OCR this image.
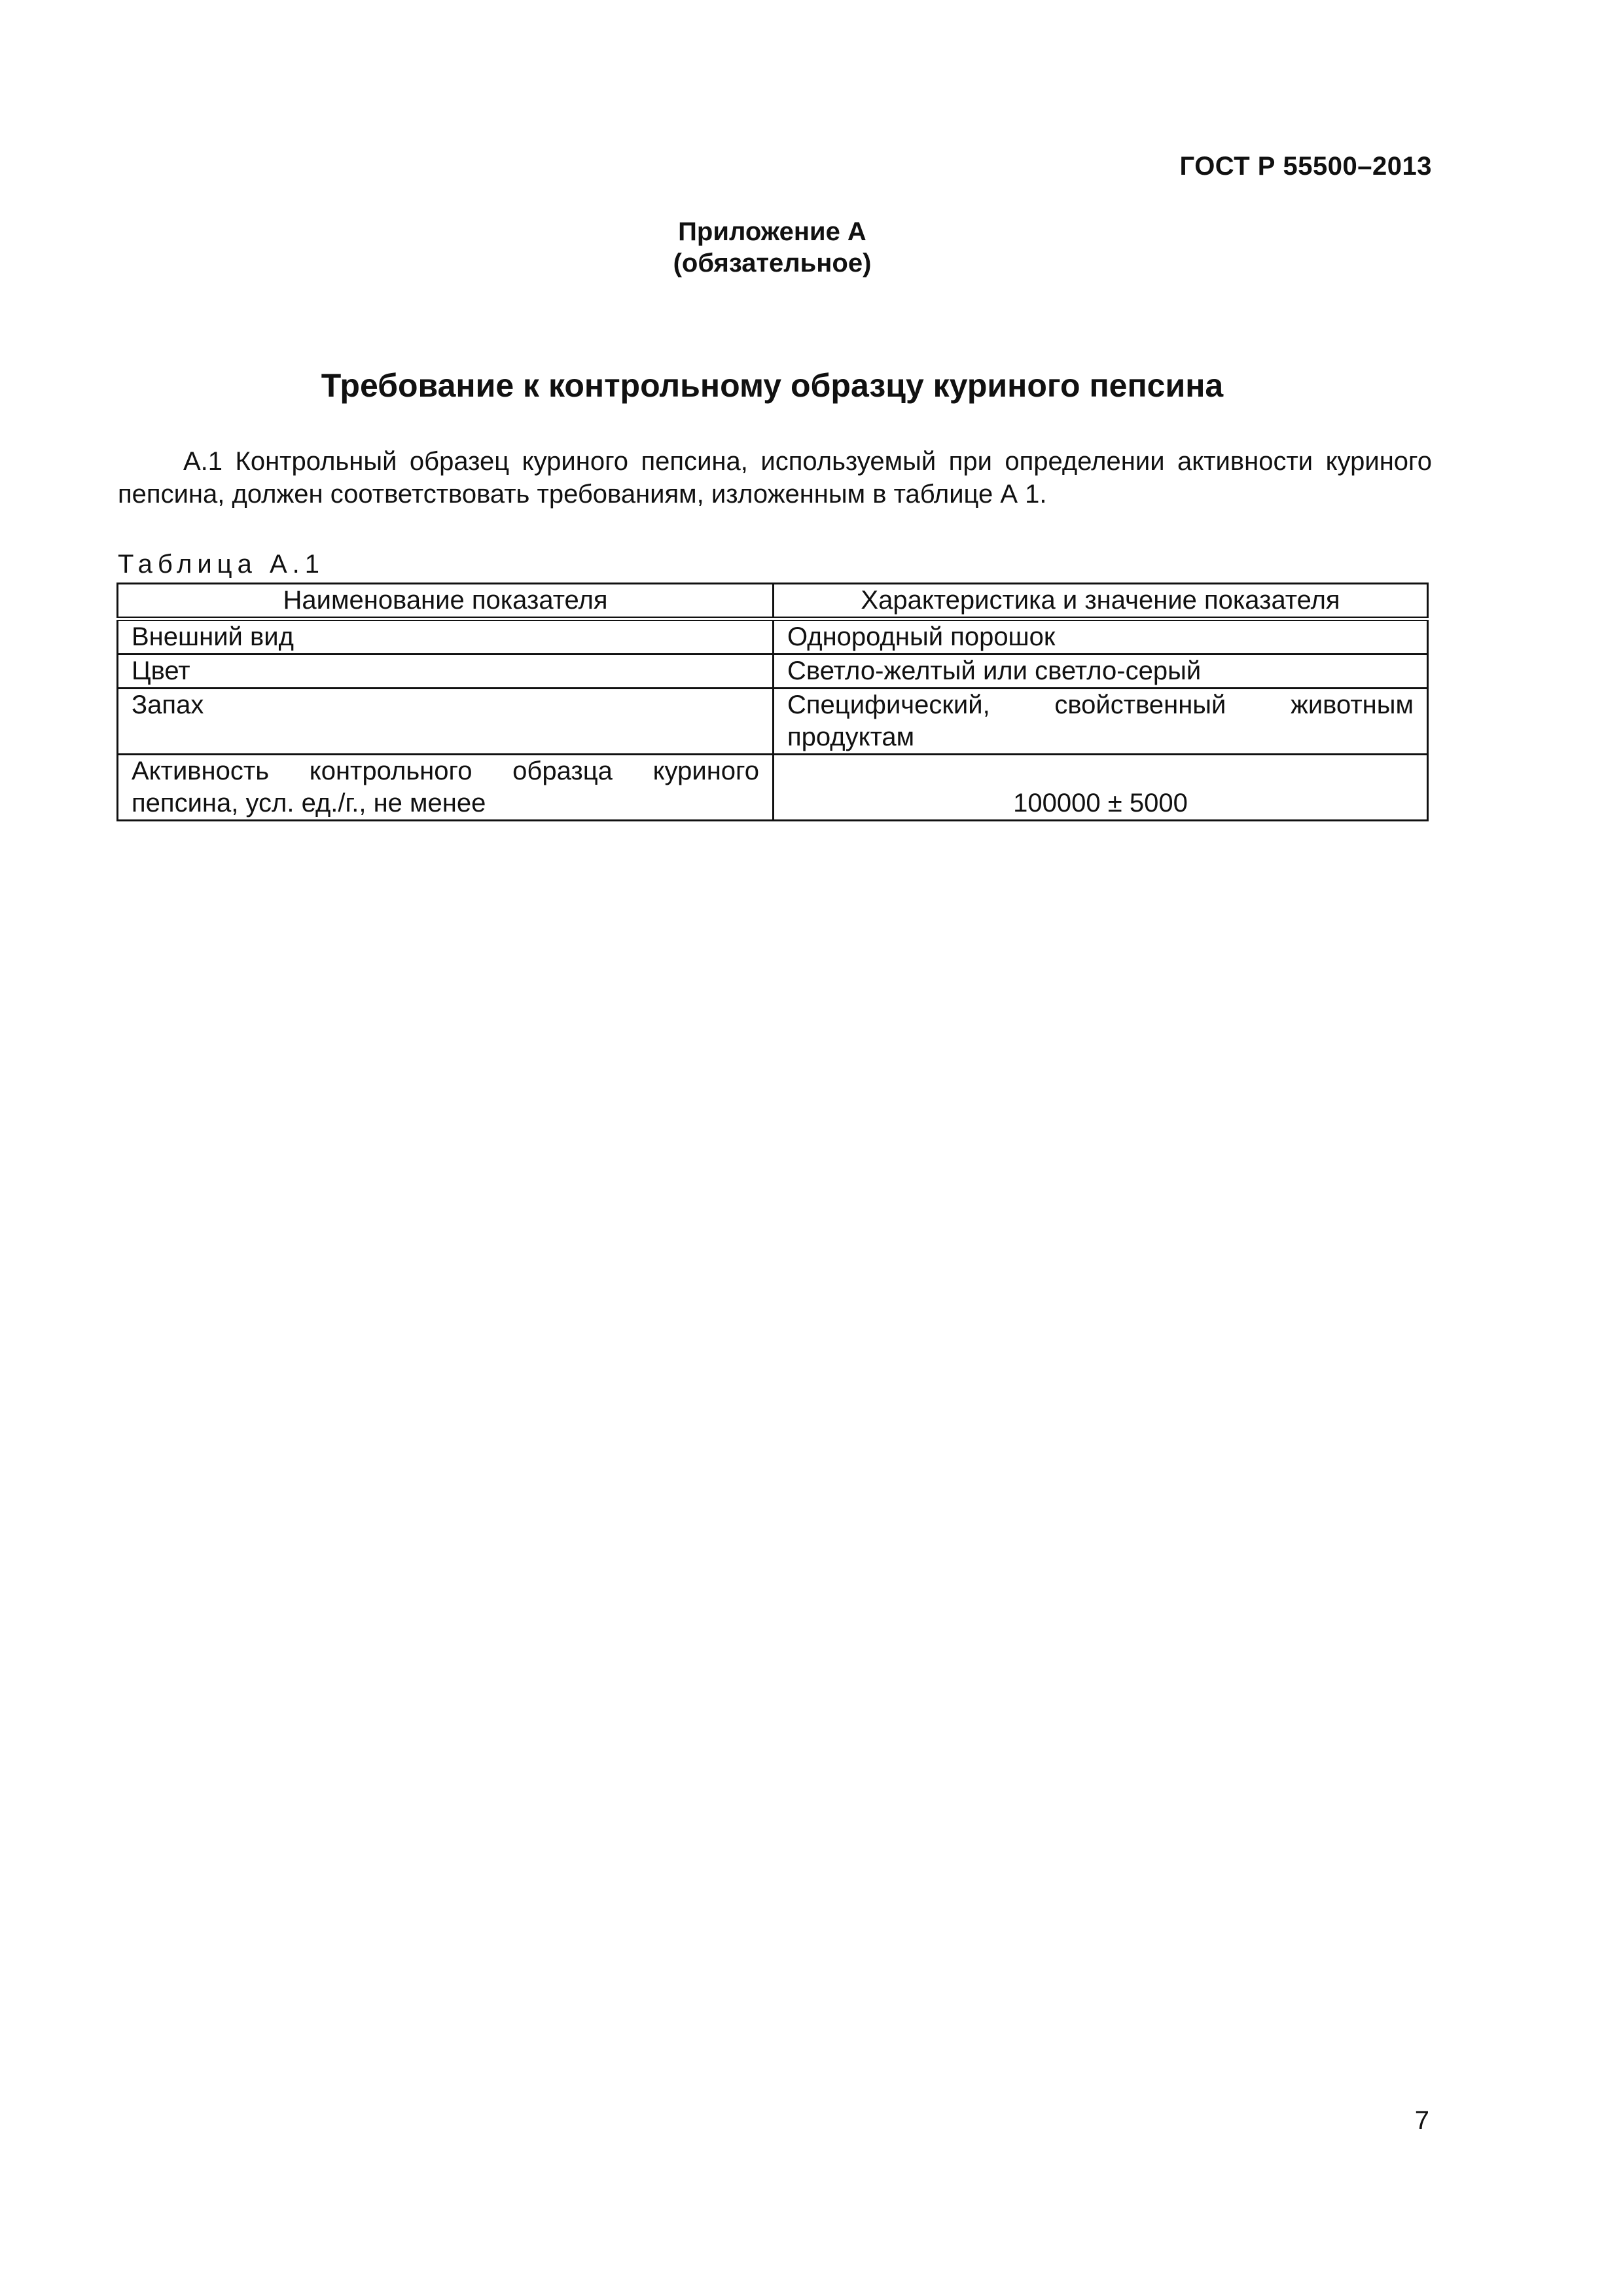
ГОСТ Р 55500–2013
Приложение А
(обязательное)
Требование к контрольному образцу куриного пепсина
А.1 Контрольный образец куриного пепсина, используемый при определении активности куриного пепсина, должен соответствовать требованиям, изложенным в таблице А 1.
Таблица А.1
Наименование показателя	Характеристика и значение показателя
Внешний вид	Однородный порошок
Цвет	Светло-желтый или светло-серый
Запах	Специфический, свойственный животным продуктам
Активность контрольного образца куриного пепсина, усл. ед./г., не менее	100000 ± 5000
7
